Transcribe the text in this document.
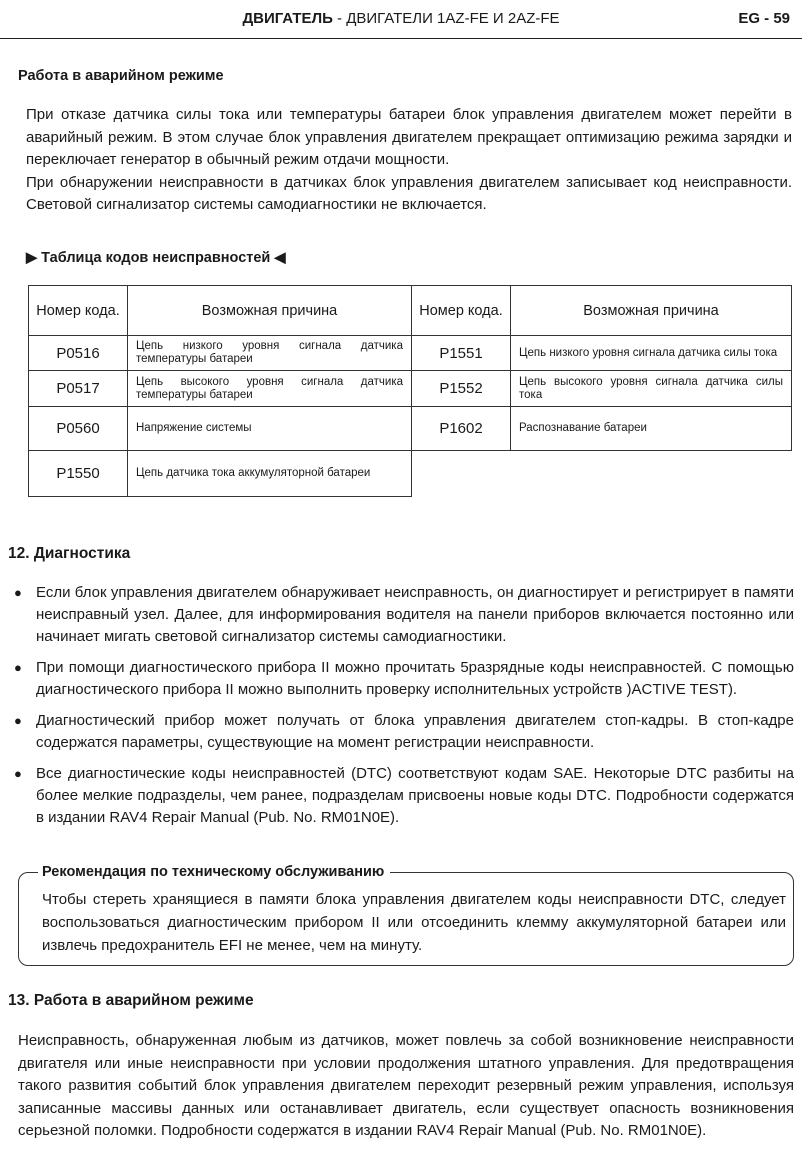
ДВИГАТЕЛЬ - ДВИГАТЕЛИ 1AZ-FE И 2AZ-FE	EG - 59
Работа в аварийном режиме

При отказе датчика силы тока или температуры батареи блок управления двигателем может перейти в аварийный режим. В этом случае блок управления двигателем прекращает оптимизацию режима зарядки и переключает генератор в обычный режим отдачи мощности.

При обнаружении неисправности в датчиках блок управления двигателем записывает код неисправности. Световой сигнализатор системы самодиагностики не включается.

▶ Таблица кодов неисправностей ◀
Номер кода.	Возможная причина
P0516	Цепь низкого уровня сигнала датчика температуры батареи
P0517	Цепь высокого уровня сигнала датчика температуры батареи
P0560	Напряжение системы
P1550	Цепь датчика тока аккумуляторной батареи
Номер кода.	Возможная причина
P1551	Цепь низкого уровня сигнала датчика силы тока
P1552	Цепь высокого уровня сигнала датчика силы тока
P1602	Распознавание батареи
12. Диагностика
● Если блок управления двигателем обнаруживает неисправность, он диагностирует и регистрирует в памяти неисправный узел. Далее, для информирования водителя на панели приборов включается постоянно или начинает мигать световой сигнализатор системы самодиагностики.
● При помощи диагностического прибора II можно прочитать 5разрядные коды неисправностей. С помощью диагностического прибора II можно выполнить проверку исполнительных устройств )ACTIVE TEST).
● Диагностический прибор может получать от блока управления двигателем стоп-кадры. В стоп-кадре содержатся параметры, существующие на момент регистрации неисправности.
● Все диагностические коды неисправностей (DTC) соответствуют кодам SAE. Некоторые DTC разбиты на более мелкие подразделы, чем ранее, подразделам присвоены новые коды DTC. Подробности содержатся в издании RAV4 Repair Manual (Pub. No. RM01N0E).
Рекомендация по техническому обслуживанию
Чтобы стереть хранящиеся в памяти блока управления двигателем коды неисправности DTC, следует воспользоваться диагностическим прибором II или отсоединить клемму аккумуляторной батареи или извлечь предохранитель EFI не менее, чем на минуту.
13. Работа в аварийном режиме
Неисправность, обнаруженная любым из датчиков, может повлечь за собой возникновение неисправности двигателя или иные неисправности при условии продолжения штатного управления. Для предотвращения такого развития событий блок управления двигателем переходит резервный режим управления, используя записанные массивы данных или останавливает двигатель, если существует опасность возникновения серьезной поломки. Подробности содержатся в издании RAV4 Repair Manual (Pub. No. RM01N0E).
